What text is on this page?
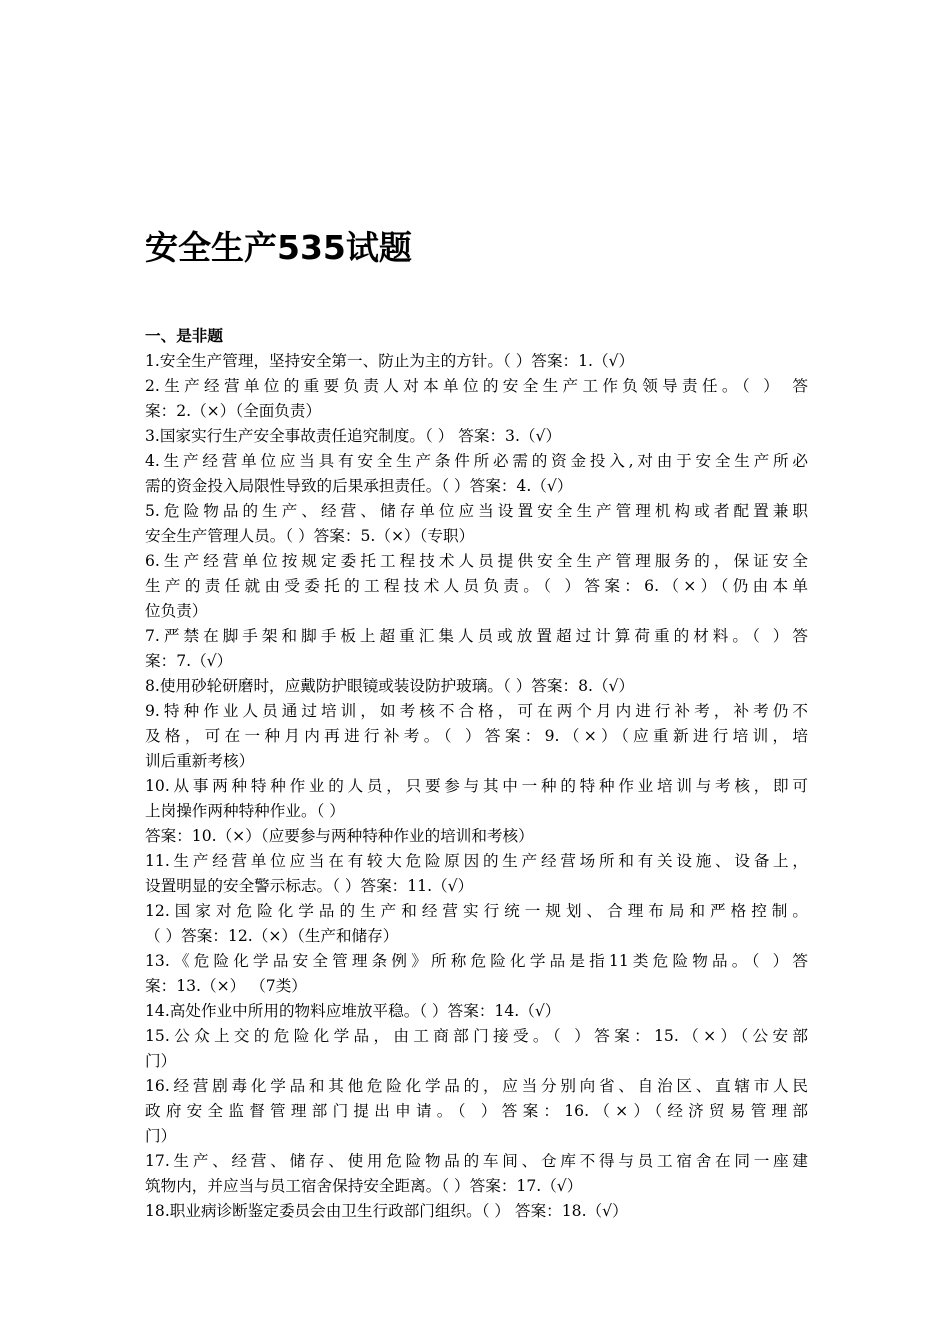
安全生产535试题

一、是非题

1.安全生产管理，坚持安全第一、防止为主的方针。（ ）答案：1.（√）

2.生产经营单位的重要负责人对本单位的安全生产工作负领导责任。（ ） 答

案：2.（×）（全面负责）

3.国家实行生产安全事故责任追究制度。（ ） 答案：3.（√）

4.生产经营单位应当具有安全生产条件所必需的资金投入,对由于安全生产所必

需的资金投入局限性导致的后果承担责任。（ ）答案：4.（√）

5.危险物品的生产、经营、储存单位应当设置安全生产管理机构或者配置兼职

安全生产管理人员。（ ）答案：5.（×）（专职）

6.生产经营单位按规定委托工程技术人员提供安全生产管理服务的，保证安全

生产的责任就由受委托的工程技术人员负责。（ ）答案：6.（×）（仍由本单

位负责）

7.严禁在脚手架和脚手板上超重汇集人员或放置超过计算荷重的材料。（ ）答

案：7.（√）

8.使用砂轮研磨时，应戴防护眼镜或装设防护玻璃。（ ）答案：8.（√）

9.特种作业人员通过培训，如考核不合格，可在两个月内进行补考，补考仍不

及格，可在一种月内再进行补考。（ ）答案：9.（×）（应重新进行培训，培

训后重新考核）

10.从事两种特种作业的人员，只要参与其中一种的特种作业培训与考核，即可

上岗操作两种特种作业。（ ）

答案：10.（×）（应要参与两种特种作业的培训和考核）

11.生产经营单位应当在有较大危险原因的生产经营场所和有关设施、设备上，

设置明显的安全警示标志。（ ）答案：11.（√）

12.国家对危险化学品的生产和经营实行统一规划、合理布局和严格控制。

（ ）答案：12.（×）（生产和储存）

13.《危险化学品安全管理条例》所称危险化学品是指11类危险物品。（ ）答

案：13.（×） （7类）

14.高处作业中所用的物料应堆放平稳。（ ）答案：14.（√）

15.公众上交的危险化学品，由工商部门接受。（ ）答案：15.（×）（公安部

门）

16.经营剧毒化学品和其他危险化学品的，应当分别向省、自治区、直辖市人民

政府安全监督管理部门提出申请。（ ）答案：16.（×）（经济贸易管理部

门）

17.生产、经营、储存、使用危险物品的车间、仓库不得与员工宿舍在同一座建

筑物内，并应当与员工宿舍保持安全距离。（ ）答案：17.（√）

18.职业病诊断鉴定委员会由卫生行政部门组织。（ ） 答案：18.（√）
